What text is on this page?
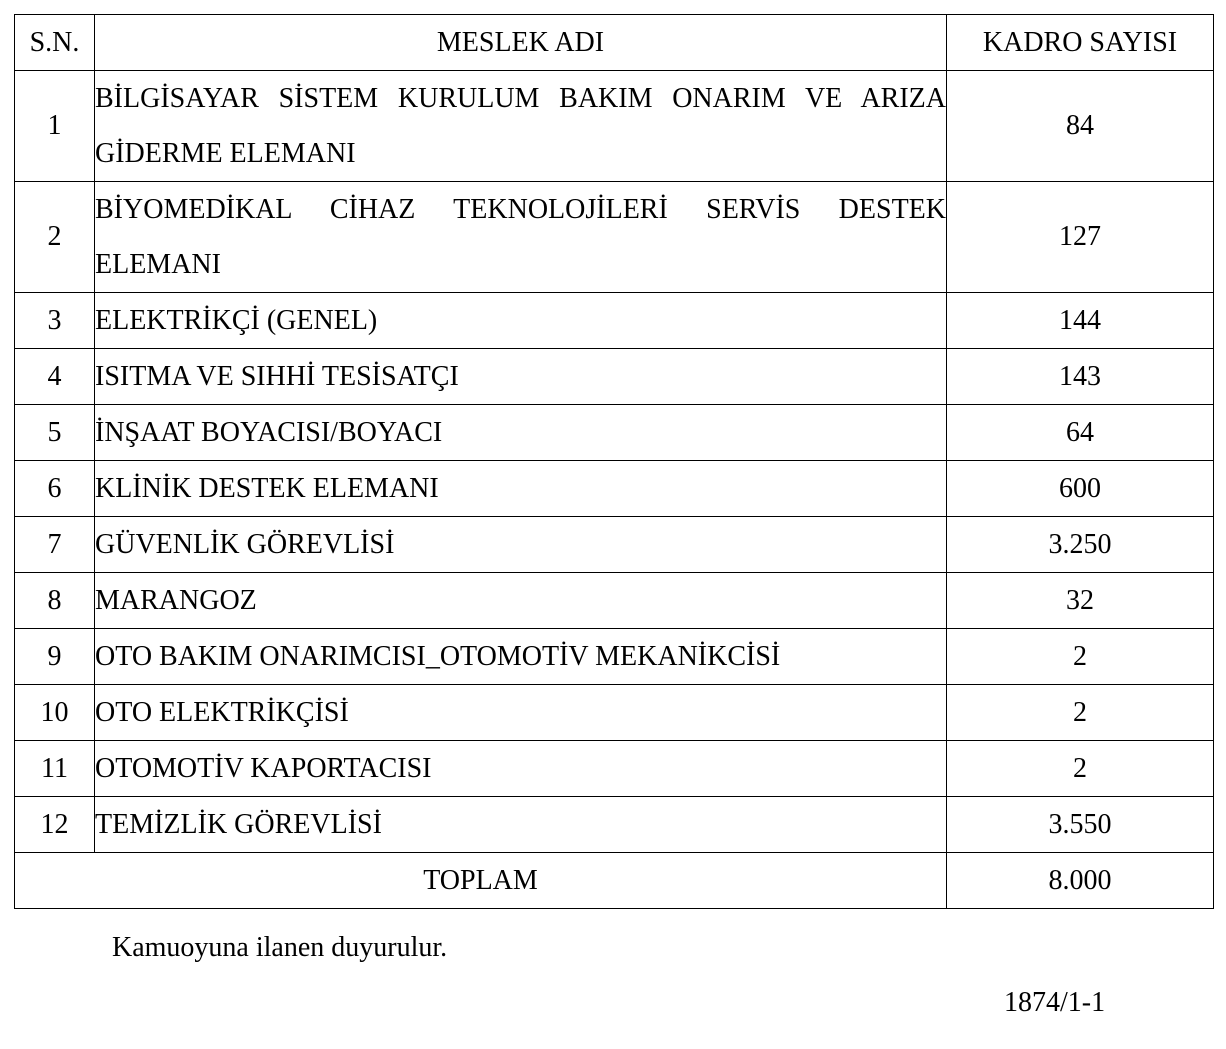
S.N.	MESLEK ADI	KADRO SAYISI
1	BİLGİSAYAR SİSTEM KURULUM BAKIM ONARIM VE ARIZA GİDERME ELEMANI	84
2	BİYOMEDİKAL CİHAZ TEKNOLOJİLERİ SERVİS DESTEK ELEMANI	127
3	ELEKTRİKÇİ (GENEL)	144
4	ISITMA VE SIHHİ TESİSATÇI	143
5	İNŞAAT BOYACISI/BOYACI	64
6	KLİNİK DESTEK ELEMANI	600
7	GÜVENLİK GÖREVLİSİ	3.250
8	MARANGOZ	32
9	OTO BAKIM ONARIMCISI_OTOMOTİV MEKANİKCİSİ	2
10	OTO ELEKTRİKÇİSİ	2
11	OTOMOTİV KAPORTACISI	2
12	TEMİZLİK GÖREVLİSİ	3.550
TOPLAM		8.000
Kamuoyuna ilanen duyurulur.
1874/1-1
